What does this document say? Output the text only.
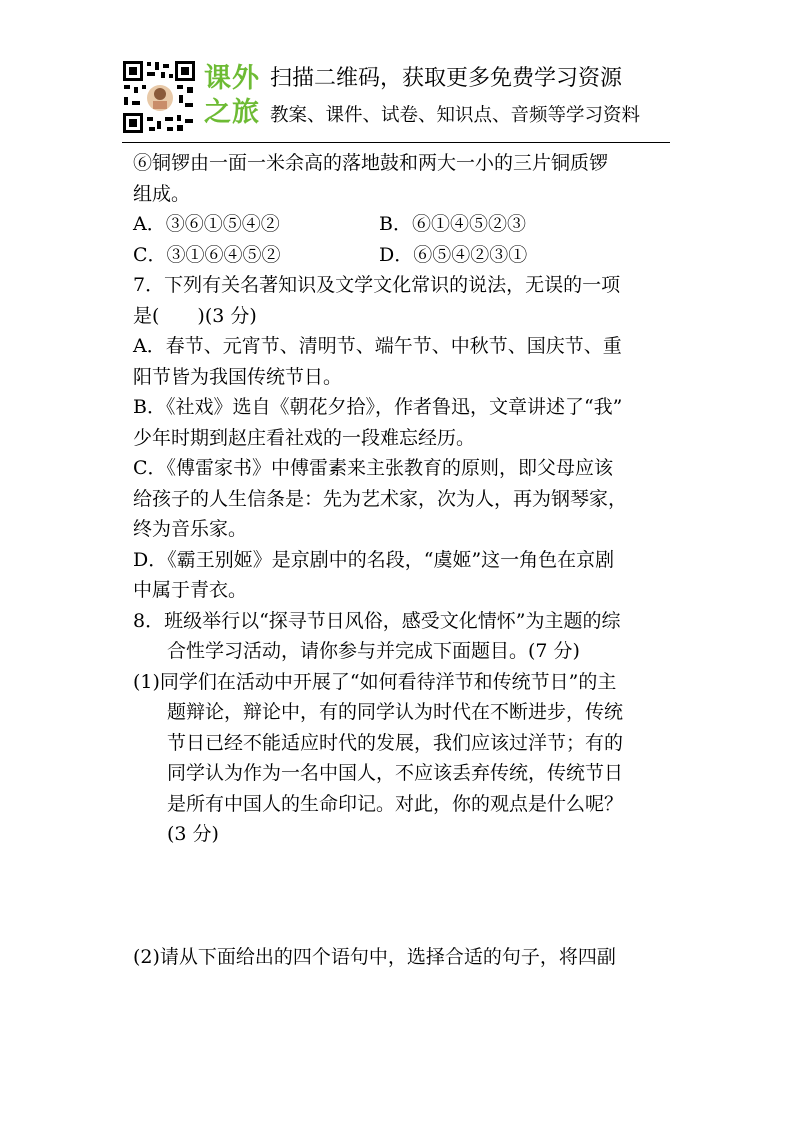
课外
之旅
扫描二维码，获取更多免费学习资源
教案、课件、试卷、知识点、音频等学习资料
⑥铜锣由一面一米余高的落地鼓和两大一小的三片铜质锣
组成。
A．③⑥①⑤④②	B．⑥①④⑤②③
C．③①⑥④⑤②	D．⑥⑤④②③①
7．下列有关名著知识及文学文化常识的说法，无误的一项
是(　　)(3 分)
A．春节、元宵节、清明节、端午节、中秋节、国庆节、重
阳节皆为我国传统节日。
B．《社戏》选自《朝花夕拾》，作者鲁迅，文章讲述了“我”
少年时期到赵庄看社戏的一段难忘经历。
C．《傅雷家书》中傅雷素来主张教育的原则，即父母应该
给孩子的人生信条是：先为艺术家，次为人，再为钢琴家，
终为音乐家。
D．《霸王别姬》是京剧中的名段，“虞姬”这一角色在京剧
中属于青衣。
8．班级举行以“探寻节日风俗，感受文化情怀”为主题的综
合性学习活动，请你参与并完成下面题目。(7 分)
(1)同学们在活动中开展了“如何看待洋节和传统节日”的主
题辩论，辩论中，有的同学认为时代在不断进步，传统
节日已经不能适应时代的发展，我们应该过洋节；有的
同学认为作为一名中国人，不应该丢弃传统，传统节日
是所有中国人的生命印记。对此，你的观点是什么呢？
(3 分)
(2)请从下面给出的四个语句中，选择合适的句子，将四副
